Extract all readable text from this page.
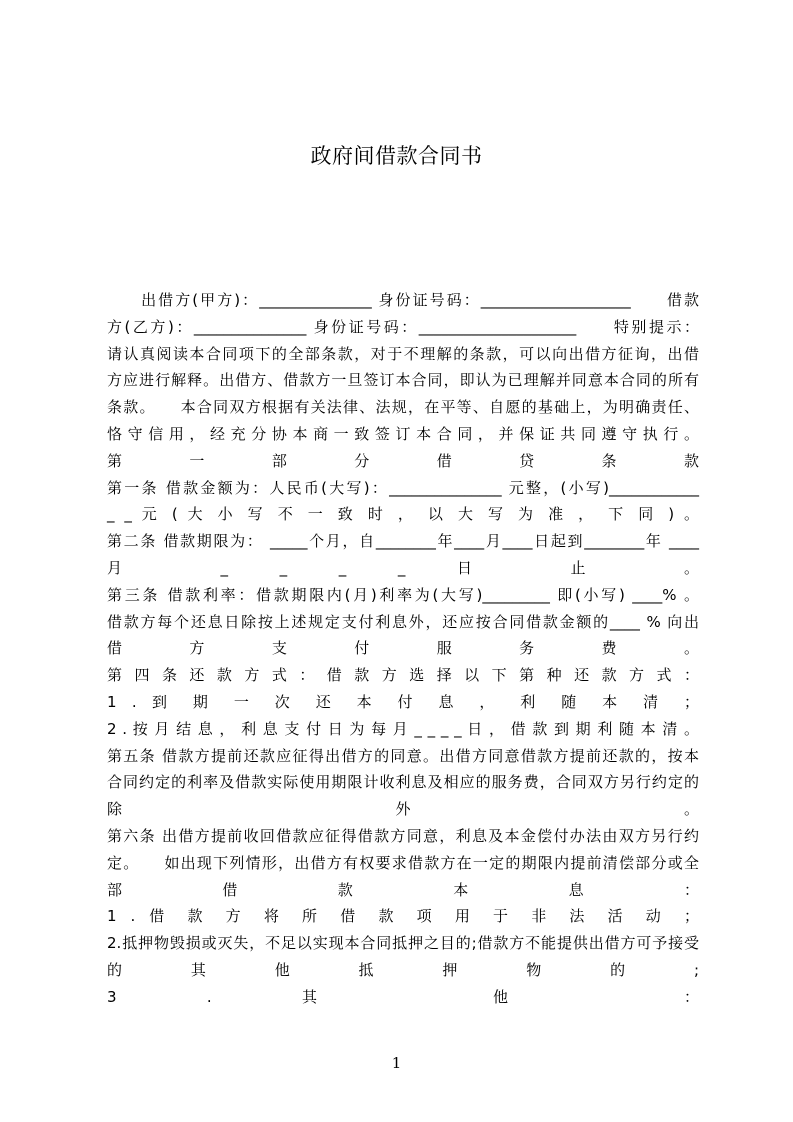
政府间借款合同书
　　出借方(甲方)：_______________ 身份证号码：____________________　　借款
方(乙方)：_______________ 身份证号码：_____________________　　特别提示：
请认真阅读本合同项下的全部条款，对于不理解的条款，可以向出借方征询，出借
方应进行解释。出借方、借款方一旦签订本合同，即认为已理解并同意本合同的所有
条款。　　本合同双方根据有关法律、法规，在平等、自愿的基础上，为明确责任、
恪守信用，经充分协本商一致签订本合同，并保证共同遵守执行。
第 一 部 分 借 贷 条 款
第一条 借款金额为：人民币(大写)：_______________ 元整，(小写)____________
_ _ 元 ( 大 小 写 不 一 致 时 ， 以 大 写 为 准 ， 下 同 ) 。
第二条 借款期限为： _____个月，自________年____月____日起到________年 ____
月 _ _ _ _ 日 止 。
第三条 借款利率：借款期限内(月)利率为(大写)_________ 即(小写) ____% 。
借款方每个还息日除按上述规定支付利息外，还应按合同借款金额的____ % 向出
借 方 支 付 服 务 费 。
第 四 条 还 款 方 式 ： 借 款 方 选 择 以 下 第 种 还 款 方 式 ：
1 . 到 期 一 次 还 本 付 息 ， 利 随 本 清 ；
2 . 按 月 结 息 ， 利 息 支 付 日 为 每 月 _ _ _ _ 日 ， 借 款 到 期 利 随 本 清 。
第五条 借款方提前还款应征得出借方的同意。出借方同意借款方提前还款的，按本
合同约定的利率及借款实际使用期限计收利息及相应的服务费，合同双方另行约定的
除 外 。
第六条 出借方提前收回借款应征得借款方同意，利息及本金偿付办法由双方另行约
定。　　如出现下列情形，出借方有权要求借款方在一定的期限内提前清偿部分或全
部 借 款 本 息 ：
1 . 借 款 方 将 所 借 款 项 用 于 非 法 活 动 ；
2.抵押物毁损或灭失，不足以实现本合同抵押之目的;借款方不能提供出借方可予接受
的 其 他 抵 押 物 的 ;
3 . 其 他 ：
1
